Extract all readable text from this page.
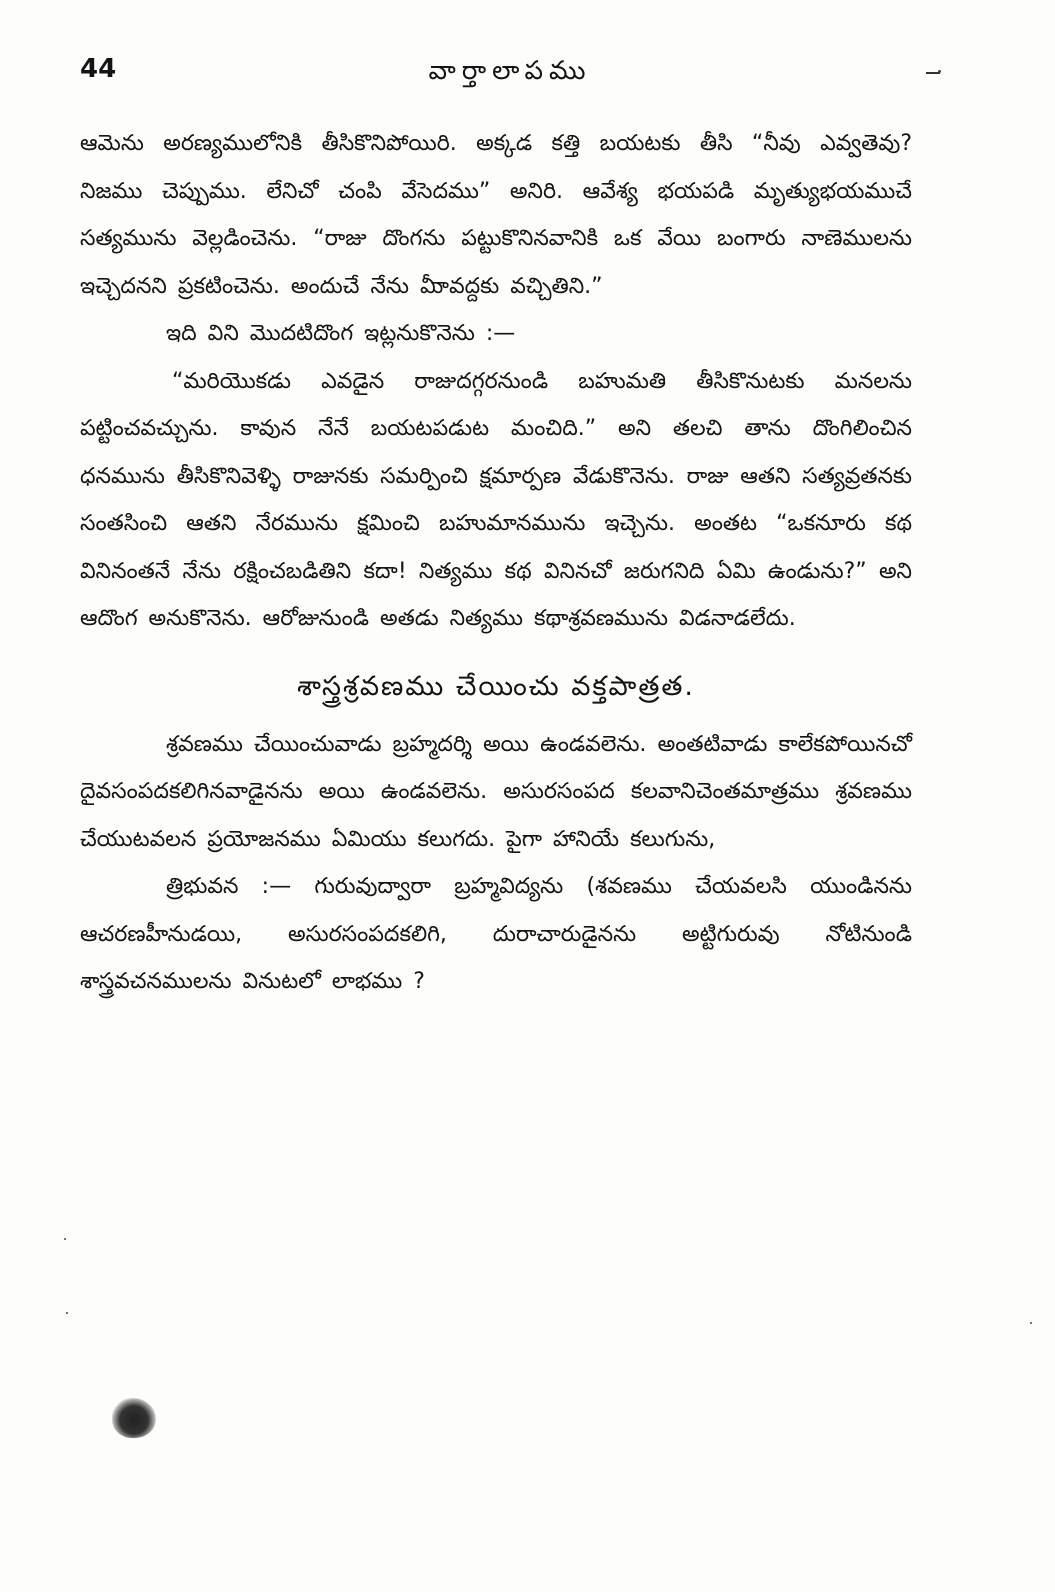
44	వార్తాలాపము

ఆమెను అరణ్యములోనికి తీసికొనిపోయిరి. అక్కడ కత్తి బయటకు తీసి “నీవు ఎవ్వతెవు? నిజము చెప్పుము. లేనిచో చంపి వేసెదము” అనిరి. ఆవేశ్య భయపడి మృత్యుభయముచే సత్యమును వెల్లడించెను. “రాజు దొంగను పట్టుకొనినవానికి ఒక వేయి బంగారు నాణెములను ఇచ్చెదనని ప్రకటించెను. అందుచే నేను మీావద్దకు వచ్చితిని.”

ఇది విని మొదటిదొంగ ఇట్లనుకొనెను :—

“మరియొకడు ఎవడైన రాజుదగ్గరనుండి బహుమతి తీసికొనుటకు మనలను పట్టించవచ్చును. కావున నేనే బయటపడుట మంచిది.” అని తలచి తాను దొంగిలించిన ధనమును తీసికొనివెళ్ళి రాజునకు సమర్పించి క్షమార్పణ వేడుకొనెను. రాజు ఆతని సత్యవ్రతనకు సంతసించి ఆతని నేరమును క్షమించి బహుమానమును ఇచ్చెను. అంతట “ఒకనూరు కథ వినినంతనే నేను రక్షించబడితిని కదా! నిత్యము కథ వినినచో జరుగనిది ఏమి ఉండును?” అని ఆదొంగ అనుకొనెను. ఆరోజునుండి అతడు నిత్యము కథాశ్రవణమును విడనాడలేదు.

శాస్త్రశ్రవణము చేయించు వక్తపాత్రత.

శ్రవణము చేయించువాడు బ్రహ్మదర్శి అయి ఉండవలెను. అంతటివాడు కాలేకపోయినచో దైవసంపదకలిగినవాడైనను అయి ఉండవలెను. అసురసంపద కలవానిచెంతమాత్రము శ్రవణము చేయుటవలన ప్రయోజనము ఏమియు కలుగదు. పైగా హానియే కలుగును,

త్రిభువన :— గురువుద్వారా బ్రహ్మవిద్యను (శవణము చేయవలసి యుండినను ఆచరణహీనుడయి, అసురసంపదకలిగి, దురాచారుడైనను అట్టిగురువు నోటినుండి శాస్త్రవచనములను వినుటలో లాభము ?
